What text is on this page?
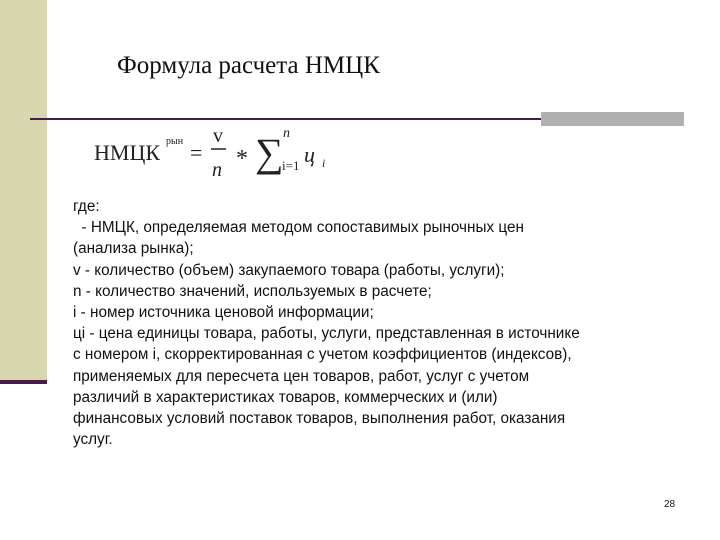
Формула расчета НМЦК
НМЦК рын =
v
n * ∑ n
i=1 ц i
где:
- НМЦК, определяемая методом сопоставимых рыночных цен
(анализа рынка);
v - количество (объем) закупаемого товара (работы, услуги);
n - количество значений, используемых в расчете;
i - номер источника ценовой информации;
цi - цена единицы товара, работы, услуги, представленная в источнике
с номером i, скорректированная с учетом коэффициентов (индексов),
применяемых для пересчета цен товаров, работ, услуг с учетом
различий в характеристиках товаров, коммерческих и (или)
финансовых условий поставок товаров, выполнения работ, оказания
услуг.
28
